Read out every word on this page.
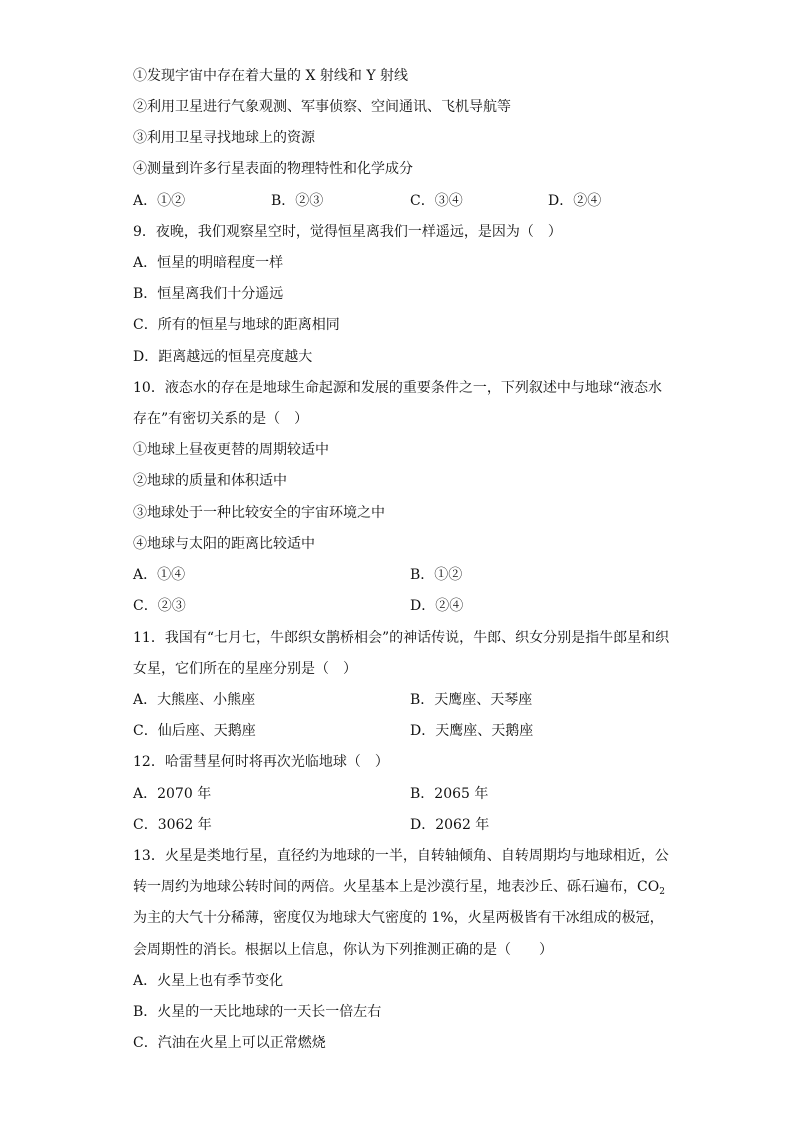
①发现宇宙中存在着大量的 X 射线和 Y 射线
②利用卫星进行气象观测、军事侦察、空间通讯、飞机导航等
③利用卫星寻找地球上的资源
④测量到许多行星表面的物理特性和化学成分
A．①②	B．②③	C．③④	D．②④
9．夜晚，我们观察星空时，觉得恒星离我们一样遥远，是因为（　）
A．恒星的明暗程度一样
B．恒星离我们十分遥远
C．所有的恒星与地球的距离相同
D．距离越远的恒星亮度越大
10．液态水的存在是地球生命起源和发展的重要条件之一，下列叙述中与地球“液态水
存在”有密切关系的是（　）
①地球上昼夜更替的周期较适中
②地球的质量和体积适中
③地球处于一种比较安全的宇宙环境之中
④地球与太阳的距离比较适中
A．①④	B．①②
C．②③	D．②④
11．我国有“七月七，牛郎织女鹊桥相会”的神话传说，牛郎、织女分别是指牛郎星和织
女星，它们所在的星座分别是（　）
A．大熊座、小熊座	B．天鹰座、天琴座
C．仙后座、天鹅座	D．天鹰座、天鹅座
12．哈雷彗星何时将再次光临地球（　）
A．2070 年	B．2065 年
C．3062 年	D．2062 年
13．火星是类地行星，直径约为地球的一半，自转轴倾角、自转周期均与地球相近，公
转一周约为地球公转时间的两倍。火星基本上是沙漠行星，地表沙丘、砾石遍布，$CO_2$
为主的大气十分稀薄，密度仅为地球大气密度的 1%，火星两极皆有干冰组成的极冠，
会周期性的消长。根据以上信息，你认为下列推测正确的是（　　）
A．火星上也有季节变化
B．火星的一天比地球的一天长一倍左右
C．汽油在火星上可以正常燃烧
